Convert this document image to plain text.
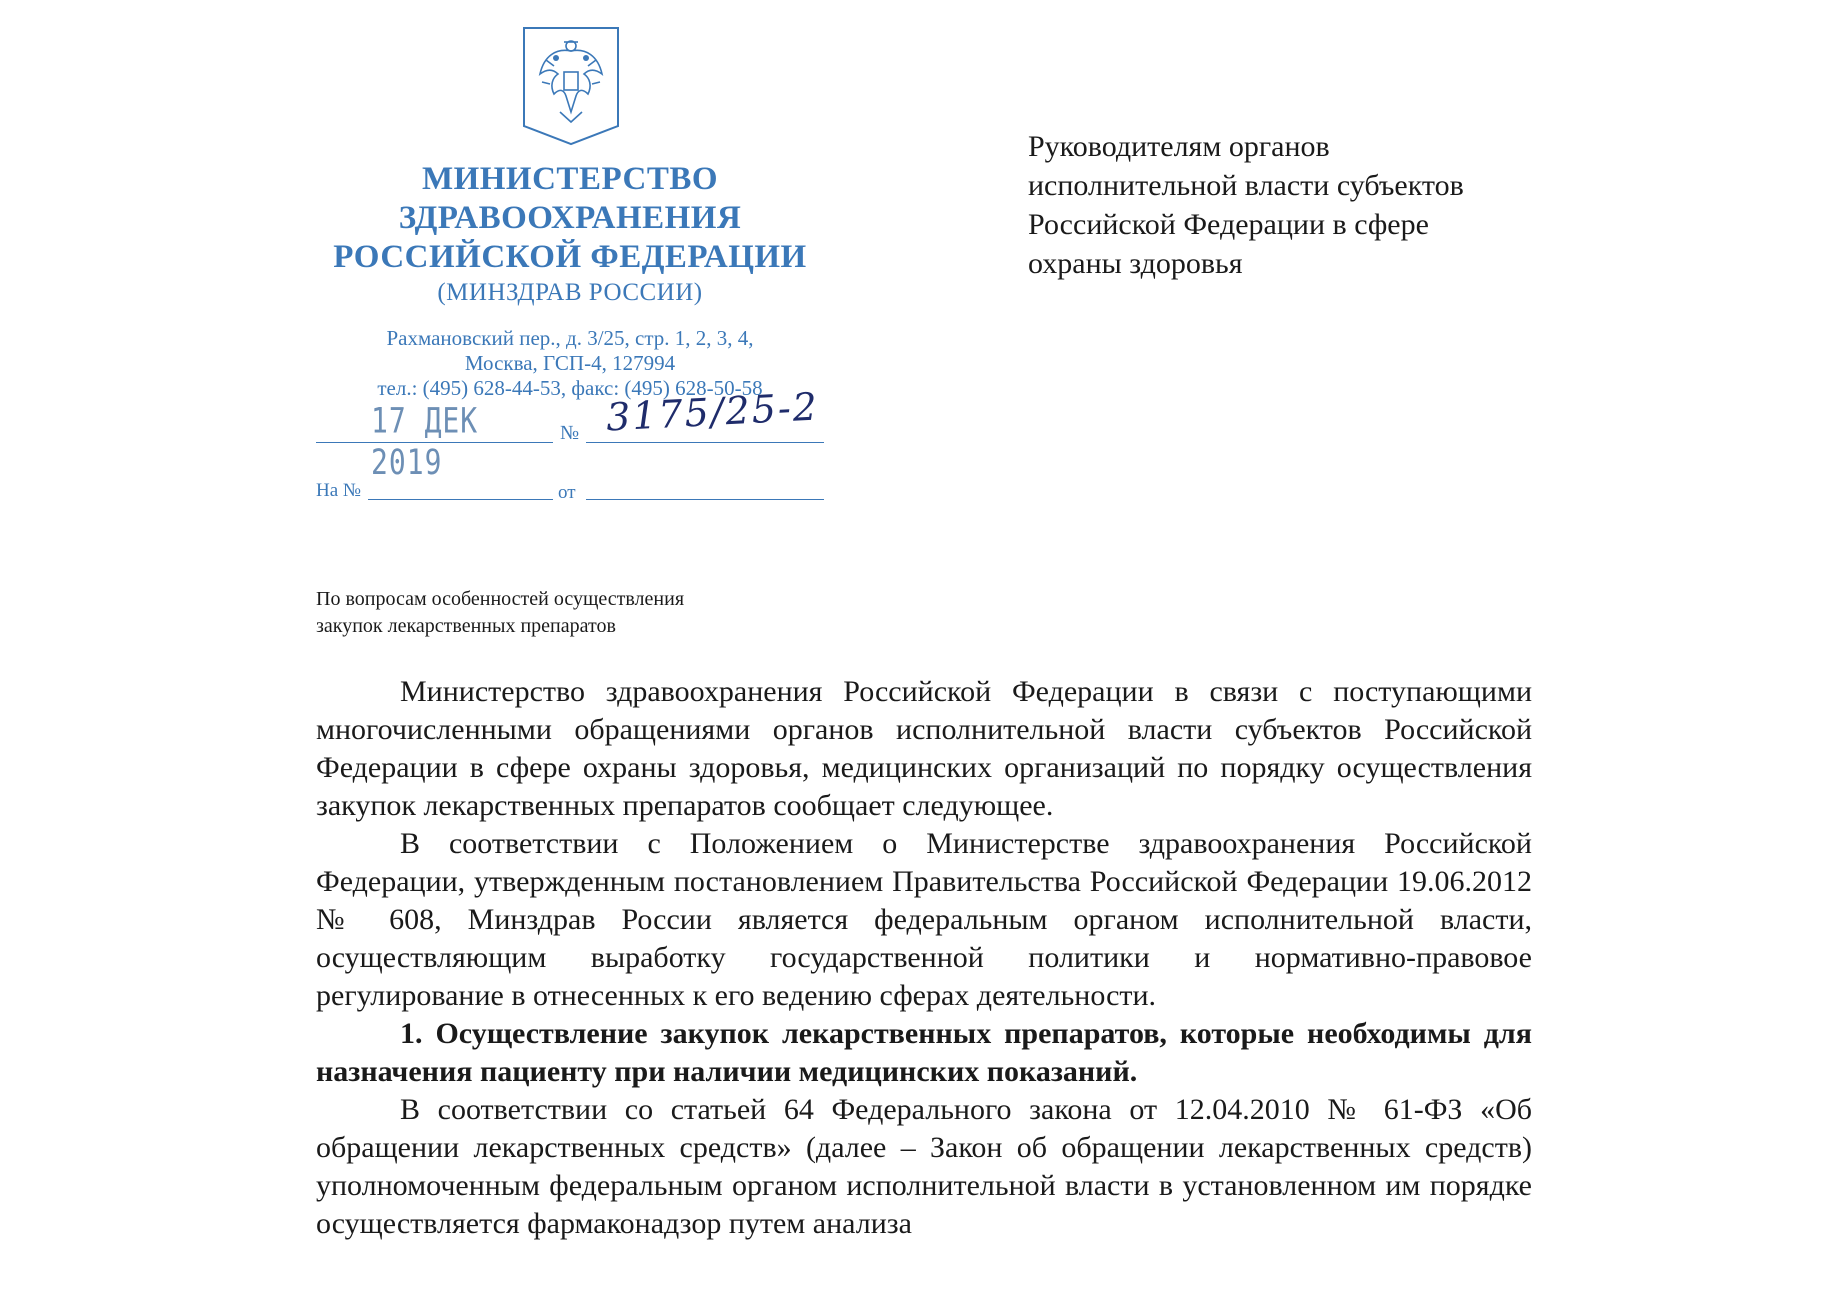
МИНИСТЕРСТВО
ЗДРАВООХРАНЕНИЯ
РОССИЙСКОЙ ФЕДЕРАЦИИ
(МИНЗДРАВ РОССИИ)
Рахмановский пер., д. 3/25, стр. 1, 2, 3, 4,
Москва, ГСП-4, 127994
тел.: (495) 628-44-53, факс: (495) 628-50-58
17 ДЕК 2019
№ 3175/25-2
На №	от
Руководителям органов
исполнительной власти субъектов
Российской Федерации в сфере
охраны здоровья
По вопросам особенностей осуществления
закупок лекарственных препаратов

Министерство здравоохранения Российской Федерации в связи с поступающими многочисленными обращениями органов исполнительной власти субъектов Российской Федерации в сфере охраны здоровья, медицинских организаций по порядку осуществления закупок лекарственных препаратов сообщает следующее.

В соответствии с Положением о Министерстве здравоохранения Российской Федерации, утвержденным постановлением Правительства Российской Федерации 19.06.2012 № 608, Минздрав России является федеральным органом исполнительной власти, осуществляющим выработку государственной политики и нормативно-правовое регулирование в отнесенных к его ведению сферах деятельности.

1. Осуществление закупок лекарственных препаратов, которые необходимы для назначения пациенту при наличии медицинских показаний.

В соответствии со статьей 64 Федерального закона от 12.04.2010 № 61-ФЗ «Об обращении лекарственных средств» (далее – Закон об обращении лекарственных средств) уполномоченным федеральным органом исполнительной власти в установленном им порядке осуществляется фармаконадзор путем анализа
